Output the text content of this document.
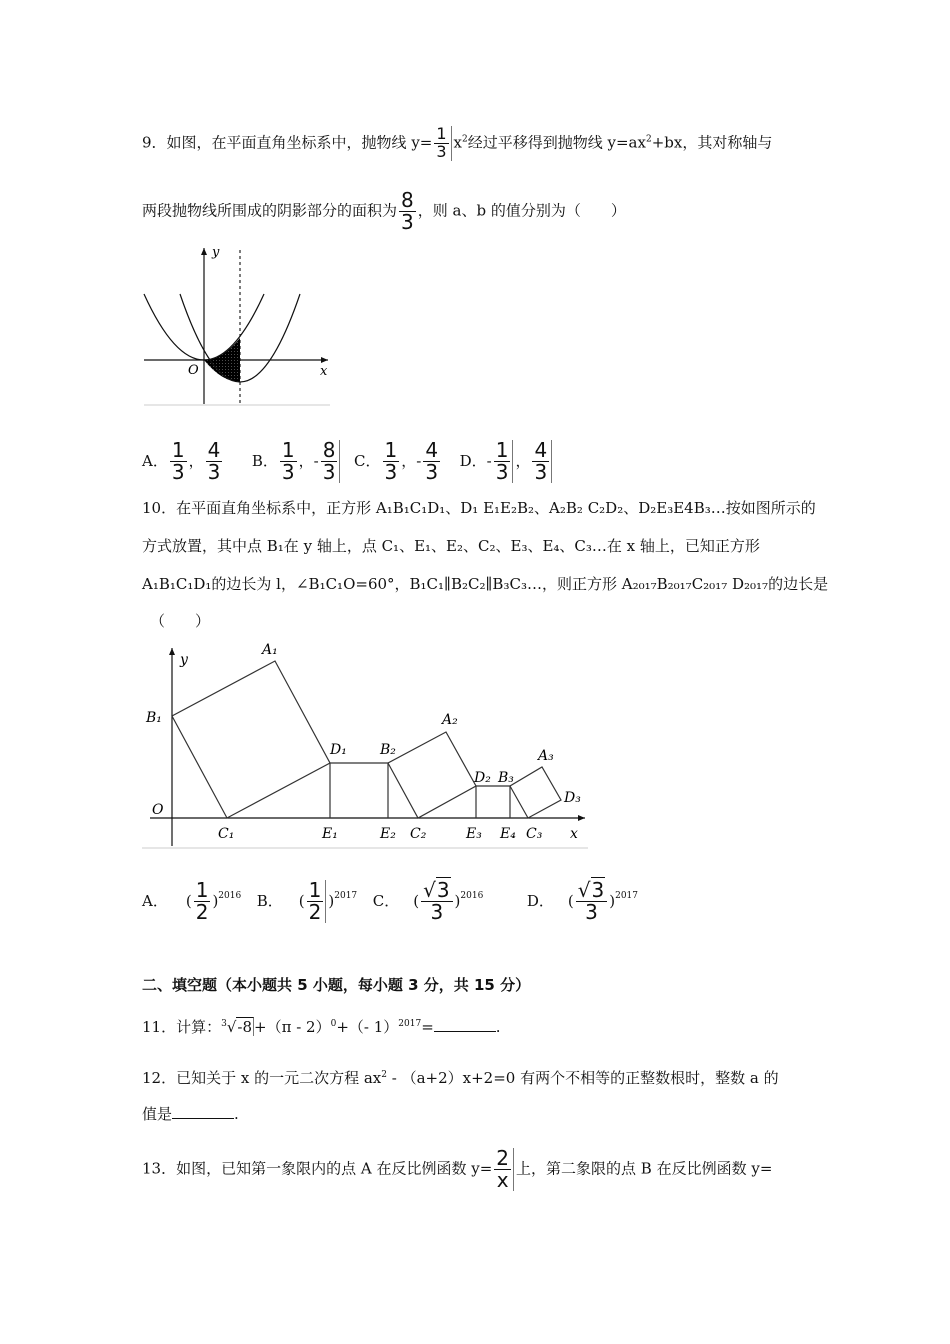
9．如图，在平面直角坐标系中，抛物线 $y= \frac{1}{3} x^2$经过平移得到抛物线 $y=ax^2+bx$，其对称轴与
两段抛物线所围成的阴影部分的面积为 $\frac{8}{3}$ ，则 a、b 的值分别为（　　）
y
x
O
A． $\frac{1}{3}$ ， $\frac{4}{3}$ B． $\frac{1}{3}$ ，- $\frac{8}{3}$ C． $\frac{1}{3}$ ，- $\frac{4}{3}$ D．- $\frac{1}{3}$ ， $\frac{4}{3}$
10．在平面直角坐标系中，正方形 A₁B₁C₁D₁、D₁ E₁E₂B₂、A₂B₂ C₂D₂、D₂E₃E4B₃…按如图所示的
方式放置，其中点 B₁在 y 轴上，点 C₁、E₁、E₂、C₂、E₃、E₄、C₃…在 x 轴上，已知正方形
A₁B₁C₁D₁的边长为 l，∠B₁C₁O=60°，B₁C₁∥B₂C₂∥B₃C₃…，则正方形 A₂₀₁₇B₂₀₁₇C₂₀₁₇ D₂₀₁₇的边长是
（　　）
y
x
O
A₁
B₁
C₁
D₁
E₁
B₂
A₂
E₂ C₂
D₂ B₃
A₃
E₃ E₄ C₃
D₃
A． ( $\frac{1}{2} )^{2016}$ B． ( $\frac{1}{2} )^{2017}$ C． ( $\frac{√3}{3} )^{2016}$	D． ( $\frac{√3}{3} )^{2017}$
二、填空题（本小题共 5 小题，每小题 3 分，共 15 分）
11．计算：$^3$√-8 +（π - 2）$^0$+（- 1）$^{2017}$=	.
12．已知关于 x 的一元二次方程 $ax^2 - (a+2)x+2=0$ 有两个不相等的正整数根时，整数 a 的
值是	.
13．如图，已知第一象限内的点 A 在反比例函数 $y= \frac{2}{x}$ 上，第二象限的点 B 在反比例函数 y=
